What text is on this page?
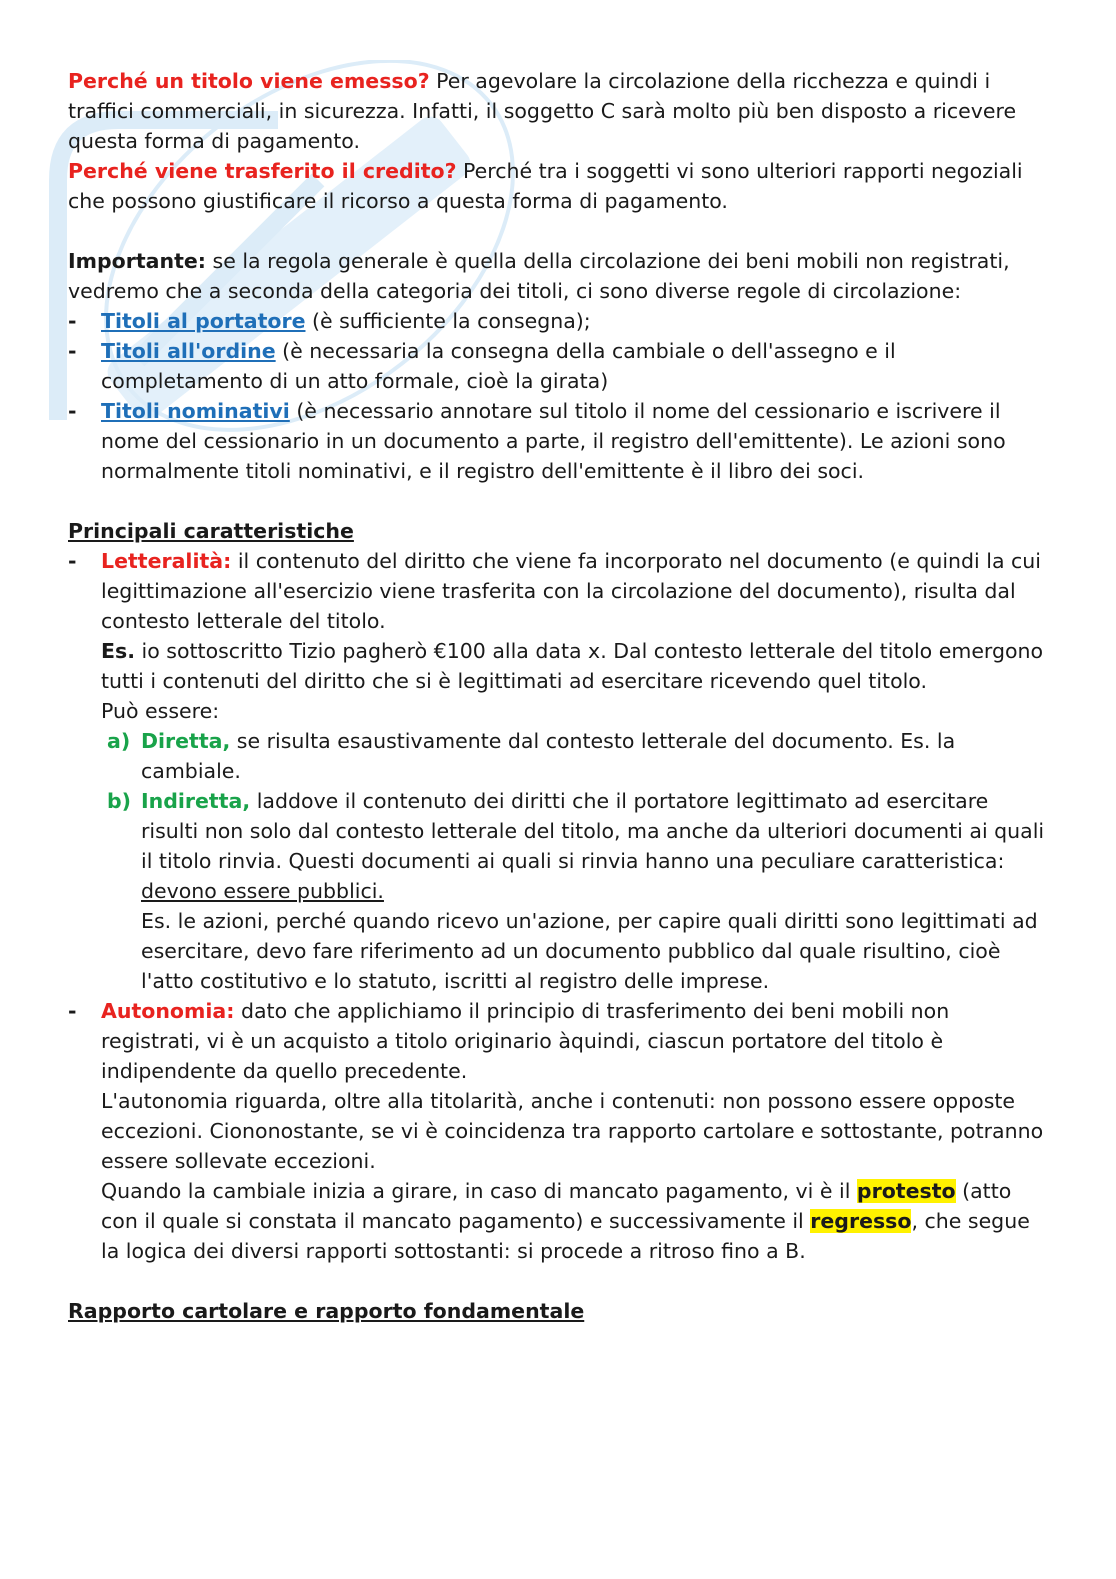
Perché un titolo viene emesso? Per agevolare la circolazione della ricchezza e quindi i traffici commerciali, in sicurezza. Infatti, il soggetto C sarà molto più ben disposto a ricevere questa forma di pagamento.

Perché viene trasferito il credito? Perché tra i soggetti vi sono ulteriori rapporti negoziali che possono giustificare il ricorso a questa forma di pagamento.

Importante: se la regola generale è quella della circolazione dei beni mobili non registrati, vedremo che a seconda della categoria dei titoli, ci sono diverse regole di circolazione:

- Titoli al portatore (è sufficiente la consegna);
- Titoli all'ordine (è necessaria la consegna della cambiale o dell'assegno e il completamento di un atto formale, cioè la girata)
- Titoli nominativi (è necessario annotare sul titolo il nome del cessionario e iscrivere il nome del cessionario in un documento a parte, il registro dell'emittente). Le azioni sono normalmente titoli nominativi, e il registro dell'emittente è il libro dei soci.

Principali caratteristiche

- Letteralità: il contenuto del diritto che viene fa incorporato nel documento (e quindi la cui legittimazione all'esercizio viene trasferita con la circolazione del documento), risulta dal contesto letterale del titolo.

Es. io sottoscritto Tizio pagherò €100 alla data x. Dal contesto letterale del titolo emergono tutti i contenuti del diritto che si è legittimati ad esercitare ricevendo quel titolo.

Può essere:

a) Diretta, se risulta esaustivamente dal contesto letterale del documento. Es. la cambiale.

b) Indiretta, laddove il contenuto dei diritti che il portatore legittimato ad esercitare risulti non solo dal contesto letterale del titolo, ma anche da ulteriori documenti ai quali il titolo rinvia. Questi documenti ai quali si rinvia hanno una peculiare caratteristica: devono essere pubblici.

Es. le azioni, perché quando ricevo un'azione, per capire quali diritti sono legittimati ad esercitare, devo fare riferimento ad un documento pubblico dal quale risultino, cioè l'atto costitutivo e lo statuto, iscritti al registro delle imprese.

- Autonomia: dato che applichiamo il principio di trasferimento dei beni mobili non registrati, vi è un acquisto a titolo originario àquindi, ciascun portatore del titolo è indipendente da quello precedente.

L'autonomia riguarda, oltre alla titolarità, anche i contenuti: non possono essere opposte eccezioni. Ciononostante, se vi è coincidenza tra rapporto cartolare e sottostante, potranno essere sollevate eccezioni.

Quando la cambiale inizia a girare, in caso di mancato pagamento, vi è il protesto (atto con il quale si constata il mancato pagamento) e successivamente il regresso, che segue la logica dei diversi rapporti sottostanti: si procede a ritroso fino a B.

Rapporto cartolare e rapporto fondamentale
